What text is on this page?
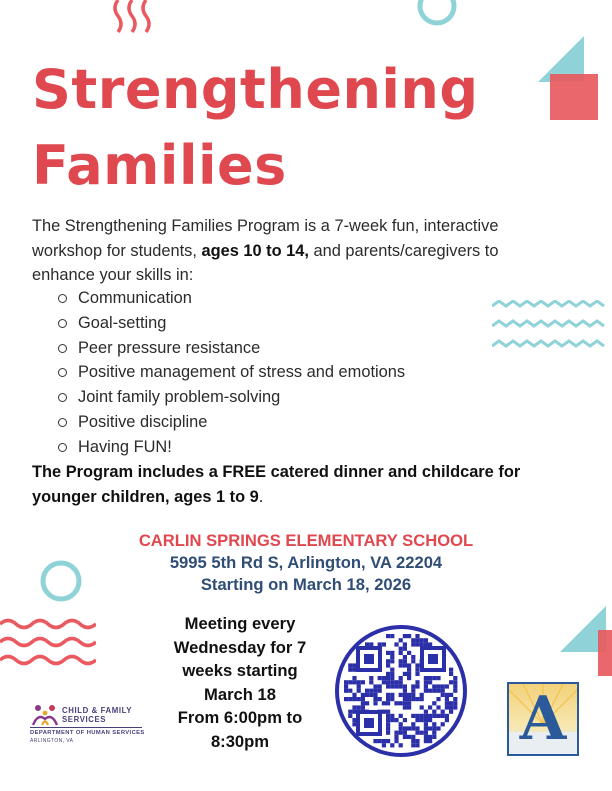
Strengthening
Families

The Strengthening Families Program is a 7-week fun, interactive workshop for students, ages 10 to 14, and parents/caregivers to enhance your skills in:

Communication
Goal-setting
Peer pressure resistance
Positive management of stress and emotions
Joint family problem-solving
Positive discipline
Having FUN!

The Program includes a FREE catered dinner and childcare for younger children, ages 1 to 9.

CARLIN SPRINGS ELEMENTARY SCHOOL
5995 5th Rd S, Arlington, VA 22204
Starting on March 18, 2026
Meeting every
Wednesday for 7
weeks starting
March 18
From 6:00pm to
8:30pm
CHILD & FAMILY
SERVICES
DEPARTMENT OF HUMAN SERVICES
ARLINGTON, VA	A
